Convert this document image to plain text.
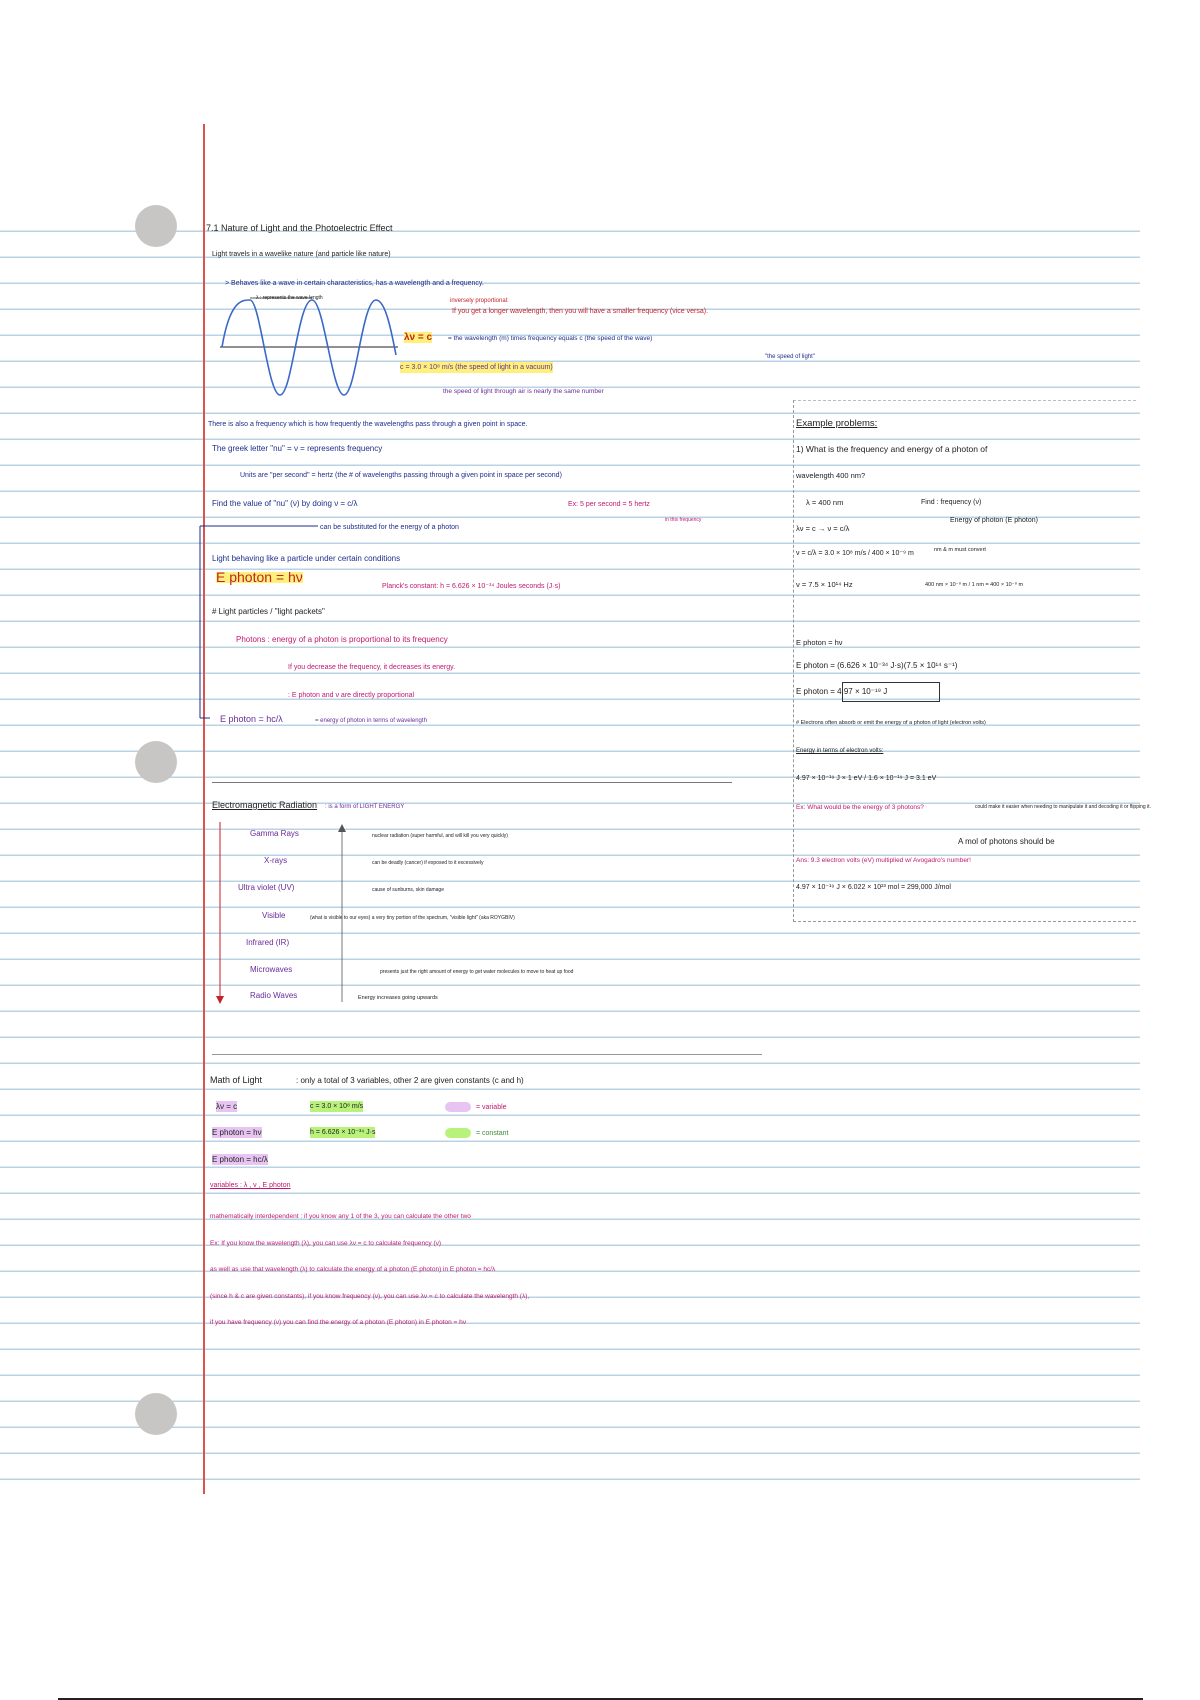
7.1 Nature of Light and the Photoelectric Effect
Light travels in a wavelike nature (and particle like nature)
> Behaves like a wave in certain characteristics, has a wavelength and a frequency.
λ : represents the wave length	inversely proportional:
If you get a longer wavelength, then you will have a smaller frequency (vice versa).
λν = c = the wavelength (m) times frequency equals c (the speed of the wave)
"the speed of light"
c = 3.0 × 10⁸ m/s (the speed of light in a vacuum)
the speed of light through air is nearly the same number
There is also a frequency which is how frequently the wavelengths pass through a given point in space.
The greek letter "nu" = ν = represents frequency
Units are "per second" = hertz (the # of wavelengths passing through a given point in space per second)
Find the value of "nu" (ν) by doing ν = c/λ	Ex: 5 per second = 5 hertz
in this frequency
can be substituted for the energy of a photon
Light behaving like a particle under certain conditions
E photon = hν
Planck's constant: h = 6.626 × 10⁻³⁴ Joules seconds (J·s)
# Light particles / "light packets"
Photons : energy of a photon is proportional to its frequency
If you decrease the frequency, it decreases its energy.
: E photon and ν are directly proportional
E photon = hc/λ	= energy of photon in terms of wavelength
Electromagnetic Radiation : is a form of LIGHT ENERGY
Gamma Rays	nuclear radiation (super harmful, and will kill you very quickly)
X-rays	can be deadly (cancer) if exposed to it excessively
Ultra violet (UV)	cause of sunburns, skin damage
Visible	(what is visible to our eyes) a very tiny portion of the spectrum, "visible light" (aka ROYGBIV)
Infrared (IR)
Microwaves	presents just the right amount of energy to get water molecules to move to heat up food
Radio Waves	Energy increases going upwards
Math of Light	: only a total of 3 variables, other 2 are given constants (c and h)
λν = c	c = 3.0 × 10⁸ m/s	= variable
E photon = hν	h = 6.626 × 10⁻³⁴ J·s	= constant
E photon = hc/λ
variables : λ , ν , E photon
mathematically interdependent : if you know any 1 of the 3, you can calculate the other two
Ex: If you know the wavelength (λ), you can use λν = c to calculate frequency (ν)
as well as use that wavelength (λ) to calculate the energy of a photon (E photon) in E photon = hc/λ
(since h & c are given constants), if you know frequency (ν), you can use λν = c to calculate the wavelength (λ),
if you have frequency (ν) you can find the energy of a photon (E photon) in E photon = hν
Example problems:
1) What is the frequency and energy of a photon of
wavelength 400 nm?
λ = 400 nm	Find : frequency (ν)
Energy of photon (E photon)
λν = c → ν = c/λ
ν = c/λ = 3.0 × 10⁸ m/s / 400 × 10⁻⁹ m	nm & m must convert
ν = 7.5 × 10¹⁴ Hz	400 nm × 10⁻⁹ m / 1 nm = 400 × 10⁻⁹ m
E photon = hν
E photon = (6.626 × 10⁻³⁴ J·s)(7.5 × 10¹⁴ s⁻¹)
E photon = 4.97 × 10⁻¹⁹ J
# Electrons often absorb or emit the energy of a photon of light (electron volts)
Energy in terms of electron volts:
4.97 × 10⁻¹⁹ J × 1 eV / 1.6 × 10⁻¹⁹ J = 3.1 eV
Ex: What would be the energy of 3 photons?	could make it easier when needing to manipulate it and decoding it or flipping it.
A mol of photons should be
Ans: 9.3 electron volts (eV) multiplied w/ Avogadro's number!
4.97 × 10⁻¹⁹ J × 6.022 × 10²³ mol = 299,000 J/mol
